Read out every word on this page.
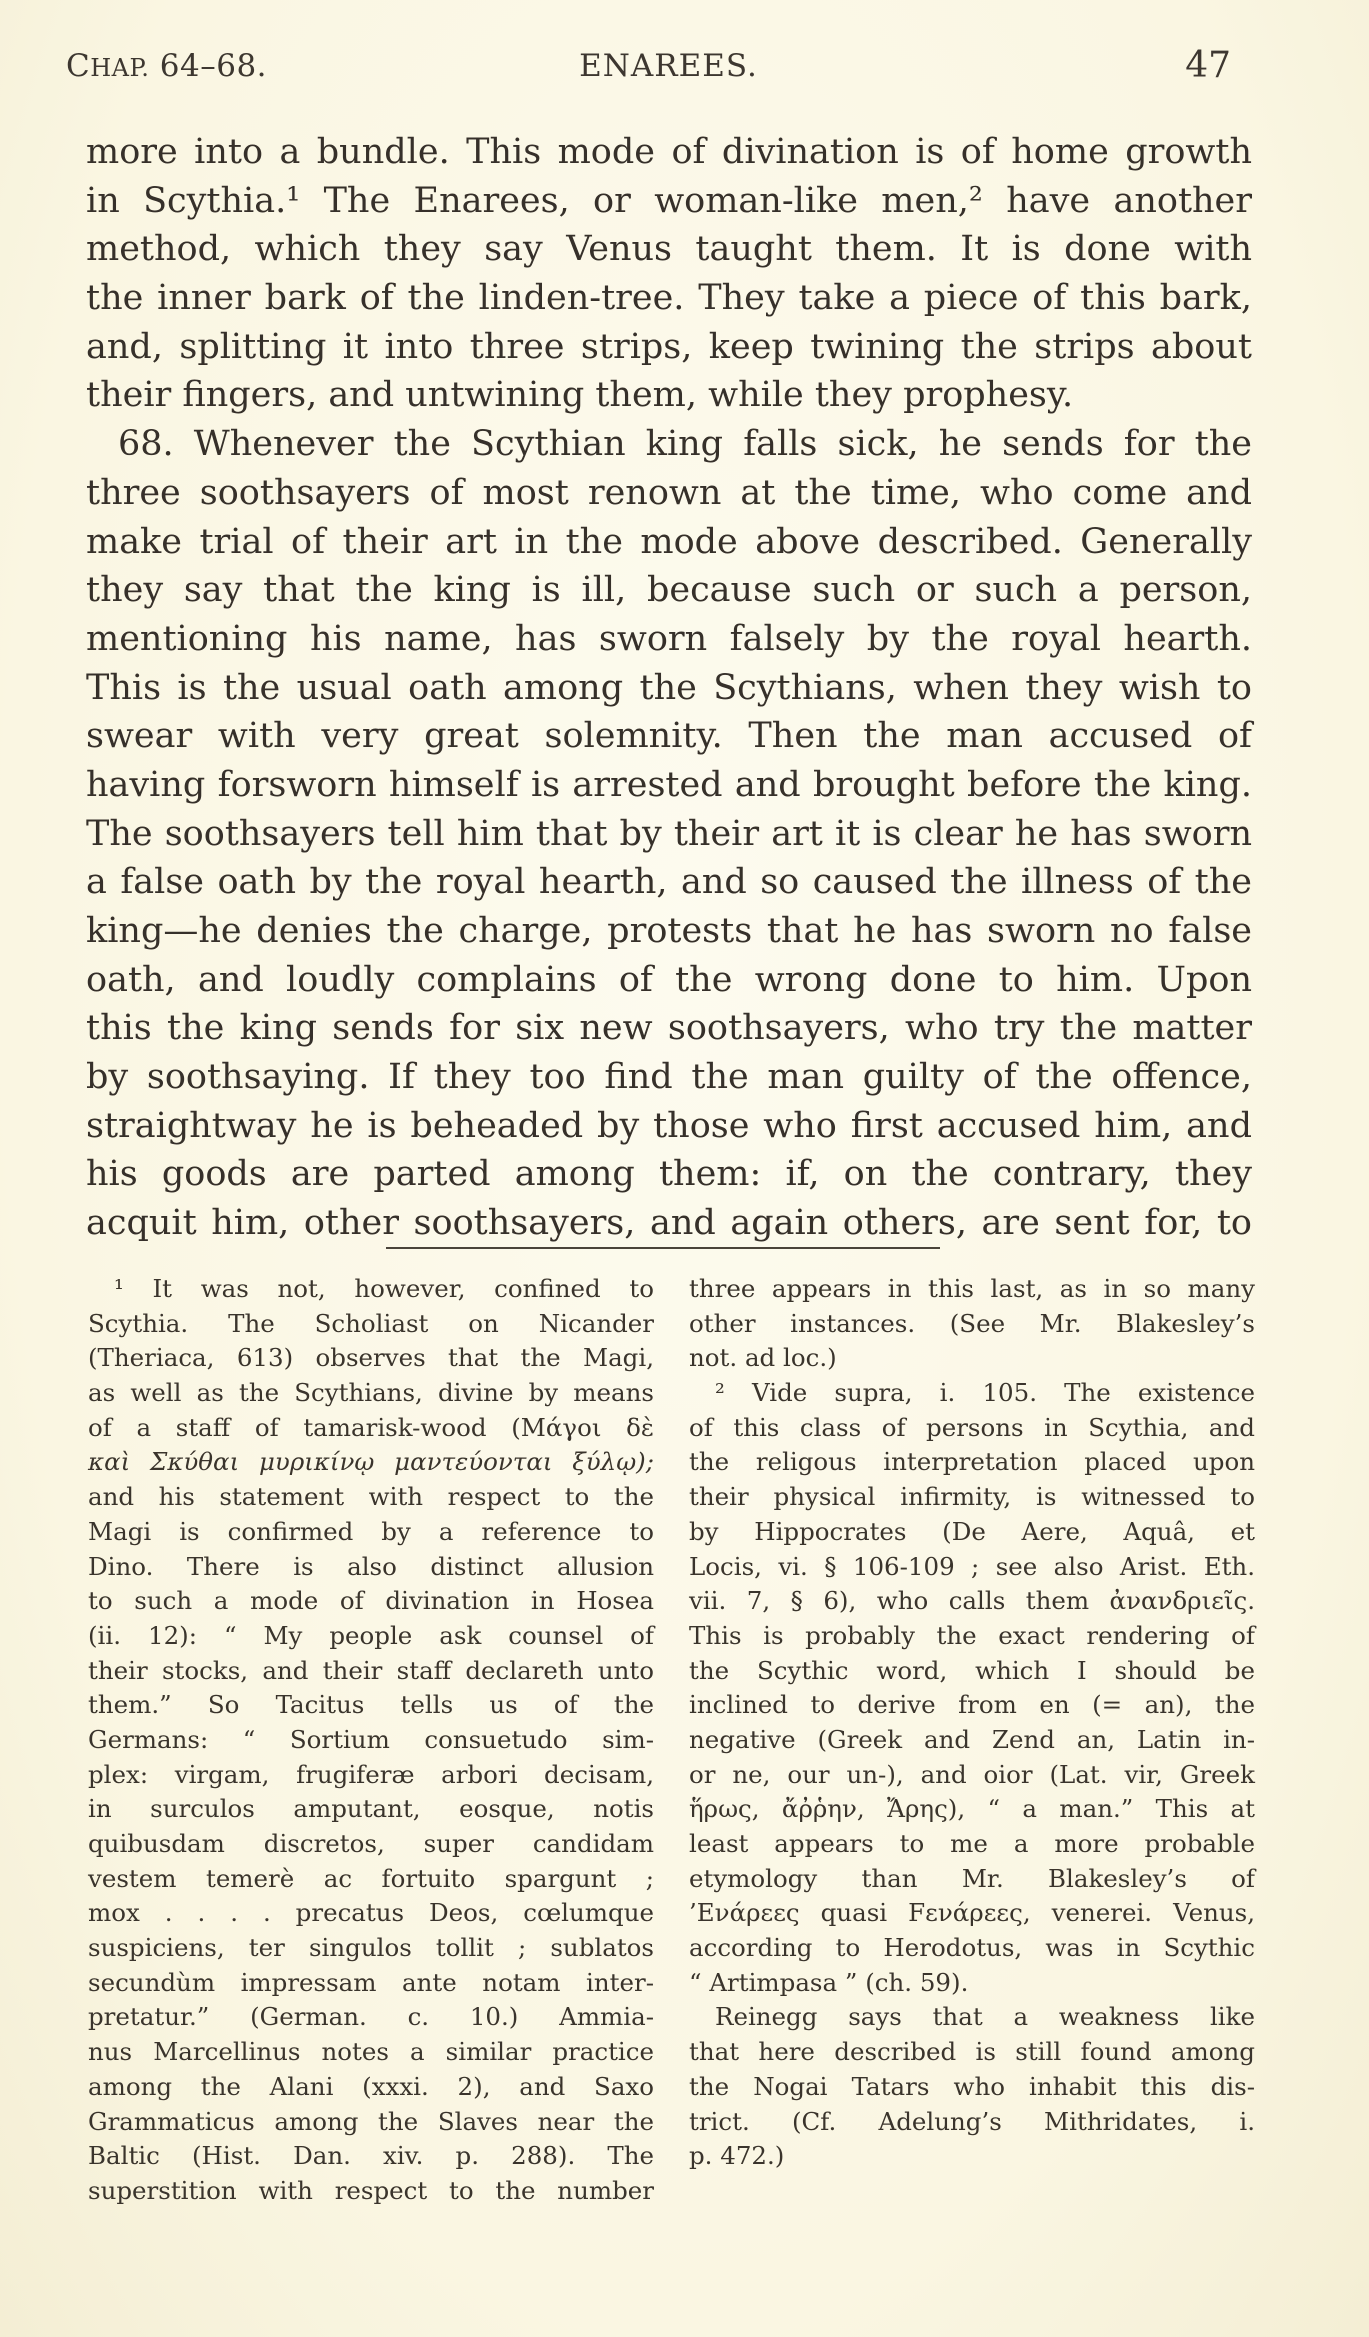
CHAP. 64–68.	ENAREES.	47
more into a bundle. This mode of divination is of home growth
in Scythia.¹ The Enarees, or woman-like men,² have another
method, which they say Venus taught them. It is done with
the inner bark of the linden-tree. They take a piece of this bark,
and, splitting it into three strips, keep twining the strips about
their fingers, and untwining them, while they prophesy.
68. Whenever the Scythian king falls sick, he sends for the
three soothsayers of most renown at the time, who come and
make trial of their art in the mode above described. Generally
they say that the king is ill, because such or such a person,
mentioning his name, has sworn falsely by the royal hearth.
This is the usual oath among the Scythians, when they wish to
swear with very great solemnity. Then the man accused of
having forsworn himself is arrested and brought before the king.
The soothsayers tell him that by their art it is clear he has sworn
a false oath by the royal hearth, and so caused the illness of the
king—he denies the charge, protests that he has sworn no false
oath, and loudly complains of the wrong done to him. Upon
this the king sends for six new soothsayers, who try the matter
by soothsaying. If they too find the man guilty of the offence,
straightway he is beheaded by those who first accused him, and
his goods are parted among them: if, on the contrary, they
acquit him, other soothsayers, and again others, are sent for, to
¹ It was not, however, confined to
Scythia. The Scholiast on Nicander
(Theriaca, 613) observes that the Magi,
as well as the Scythians, divine by means
of a staff of tamarisk-wood (Μάγοι δὲ
καὶ Σκύθαι μυρικίνῳ μαντεύονται ξύλῳ);
and his statement with respect to the
Magi is confirmed by a reference to
Dino. There is also distinct allusion
to such a mode of divination in Hosea
(ii. 12): “ My people ask counsel of
their stocks, and their staff declareth unto
them.” So Tacitus tells us of the
Germans: “ Sortium consuetudo sim-
plex: virgam, frugiferæ arbori decisam,
in surculos amputant, eosque, notis
quibusdam discretos, super candidam
vestem temerè ac fortuito spargunt ;
mox . . . . precatus Deos, cœlumque
suspiciens, ter singulos tollit ; sublatos
secundùm impressam ante notam inter-
pretatur.” (German. c. 10.) Ammia-
nus Marcellinus notes a similar practice
among the Alani (xxxi. 2), and Saxo
Grammaticus among the Slaves near the
Baltic (Hist. Dan. xiv. p. 288). The
superstition with respect to the number
three appears in this last, as in so many
other instances. (See Mr. Blakesley’s
not. ad loc.)
² Vide supra, i. 105. The existence
of this class of persons in Scythia, and
the religous interpretation placed upon
their physical infirmity, is witnessed to
by Hippocrates (De Aere, Aquâ, et
Locis, vi. § 106-109 ; see also Arist. Eth.
vii. 7, § 6), who calls them ἀνανδριεῖς.
This is probably the exact rendering of
the Scythic word, which I should be
inclined to derive from en (= an), the
negative (Greek and Zend an, Latin in-
or ne, our un-), and oior (Lat. vir, Greek
ἥρως, ἄῤῥην, Ἄρης), “ a man.” This at
least appears to me a more probable
etymology than Mr. Blakesley’s of
’Ενάρεες quasi Fενάρεες, venerei. Venus,
according to Herodotus, was in Scythic
“ Artimpasa ” (ch. 59).
Reinegg says that a weakness like
that here described is still found among
the Nogai Tatars who inhabit this dis-
trict. (Cf. Adelung’s Mithridates, i.
p. 472.)
